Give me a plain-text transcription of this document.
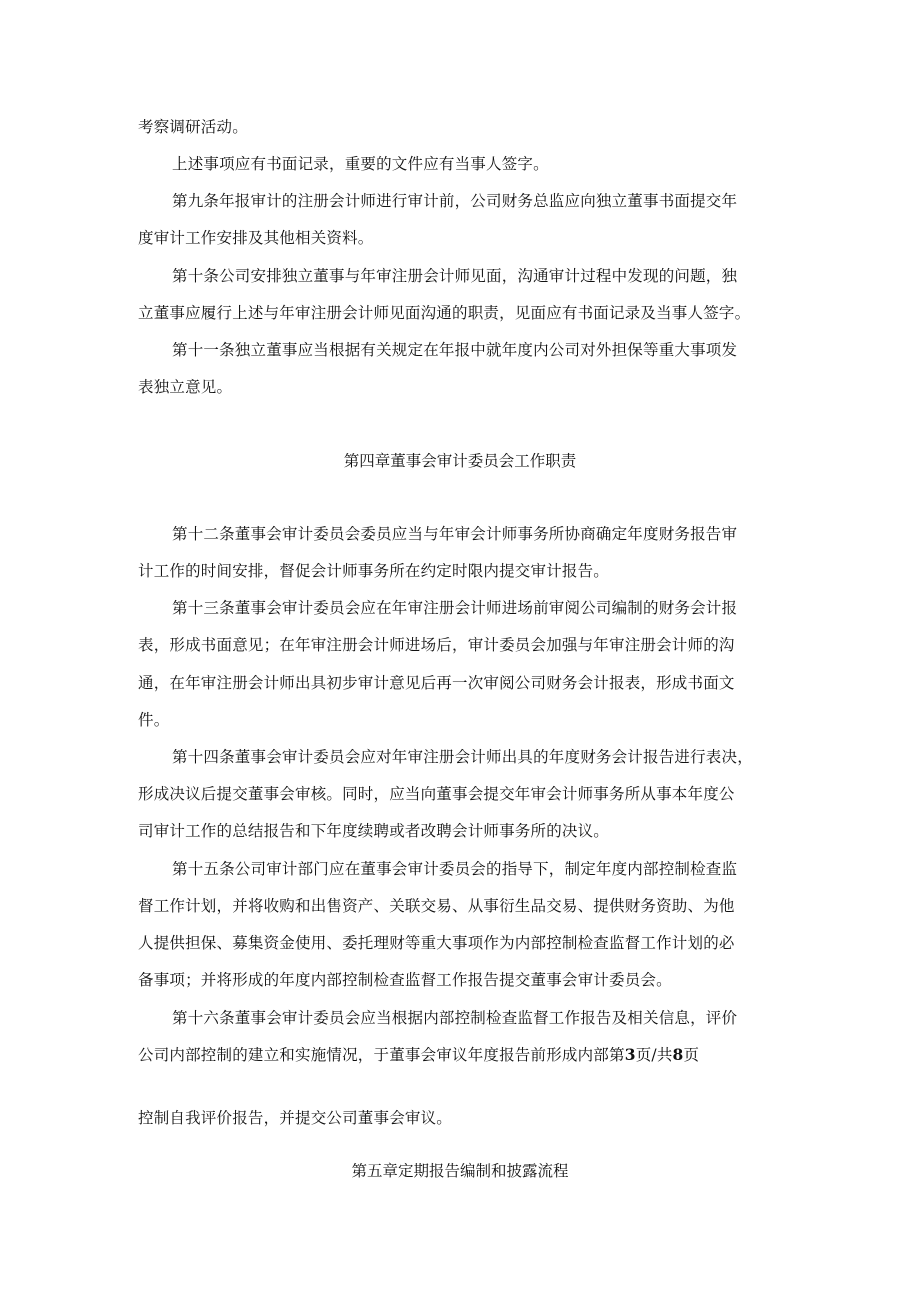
考察调研活动。
上述事项应有书面记录，重要的文件应有当事人签字。
第九条年报审计的注册会计师进行审计前，公司财务总监应向独立董事书面提交年
度审计工作安排及其他相关资料。
第十条公司安排独立董事与年审注册会计师见面，沟通审计过程中发现的问题，独
立董事应履行上述与年审注册会计师见面沟通的职责，见面应有书面记录及当事人签字。
第十一条独立董事应当根据有关规定在年报中就年度内公司对外担保等重大事项发
表独立意见。
第四章董事会审计委员会工作职责
第十二条董事会审计委员会委员应当与年审会计师事务所协商确定年度财务报告审
计工作的时间安排，督促会计师事务所在约定时限内提交审计报告。
第十三条董事会审计委员会应在年审注册会计师进场前审阅公司编制的财务会计报
表，形成书面意见；在年审注册会计师进场后，审计委员会加强与年审注册会计师的沟
通，在年审注册会计师出具初步审计意见后再一次审阅公司财务会计报表，形成书面文
件。
第十四条董事会审计委员会应对年审注册会计师出具的年度财务会计报告进行表决，
形成决议后提交董事会审核。同时，应当向董事会提交年审会计师事务所从事本年度公
司审计工作的总结报告和下年度续聘或者改聘会计师事务所的决议。
第十五条公司审计部门应在董事会审计委员会的指导下，制定年度内部控制检查监
督工作计划，并将收购和出售资产、关联交易、从事衍生品交易、提供财务资助、为他
人提供担保、募集资金使用、委托理财等重大事项作为内部控制检查监督工作计划的必
备事项；并将形成的年度内部控制检查监督工作报告提交董事会审计委员会。
第十六条董事会审计委员会应当根据内部控制检查监督工作报告及相关信息，评价
公司内部控制的建立和实施情况，于董事会审议年度报告前形成内部第3页/共8页
控制自我评价报告，并提交公司董事会审议。
第五章定期报告编制和披露流程
